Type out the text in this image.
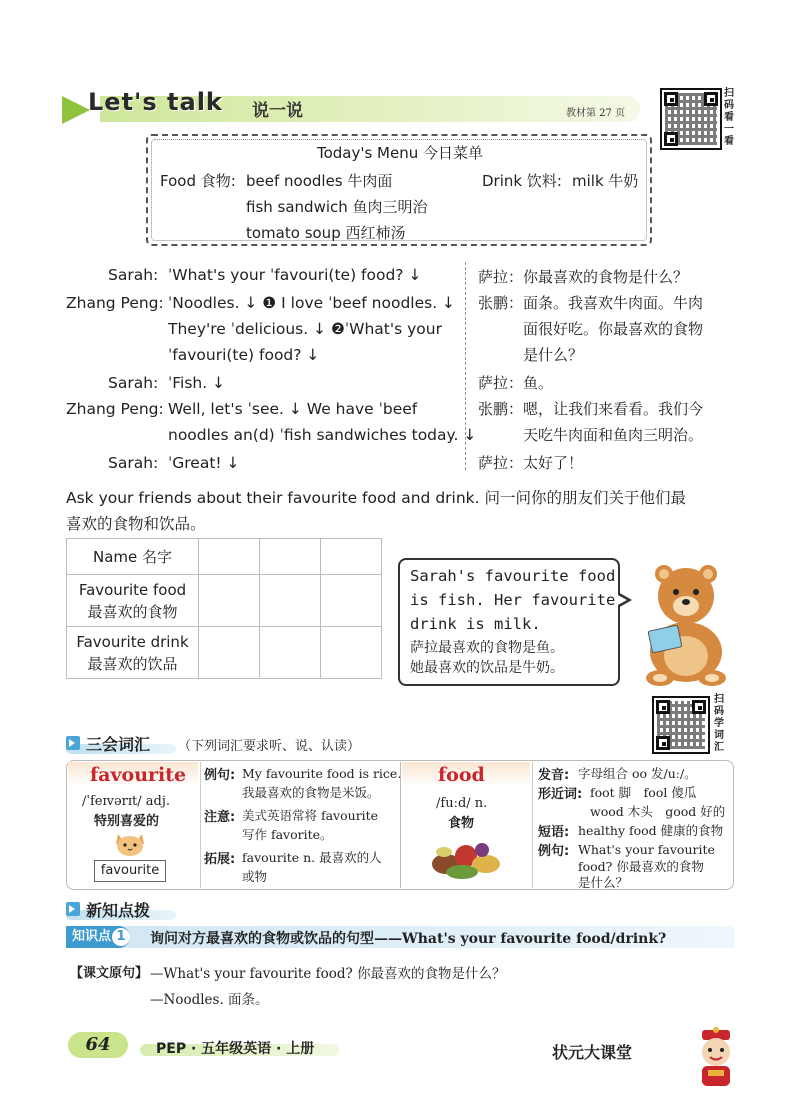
Let's talk 说一说	教材第 27 页
扫码看一看
Today's Menu 今日菜单
Food 食物: beef noodles 牛肉面
fish sandwich 鱼肉三明治
tomato soup 西红柿汤
Drink 饮料: milk 牛奶
Sarah: ˈWhat's your ˈfavouri(te) food? ↓
Zhang Peng: ˈNoodles. ↓ ❶ I love ˈbeef noodles. ↓
They're ˈdelicious. ↓ ❷ˈWhat's your
ˈfavouri(te) food? ↓
Sarah: ˈFish. ↓
Zhang Peng: Well, let's ˈsee. ↓ We have ˈbeef
noodles an(d) ˈfish sandwiches today. ↓
Sarah: ˈGreat! ↓
萨拉：你最喜欢的食物是什么？
张鹏：面条。我喜欢牛肉面。牛肉
　　　面很好吃。你最喜欢的食物
　　　是什么？
萨拉：鱼。
张鹏：嗯，让我们来看看。我们今
　　　天吃牛肉面和鱼肉三明治。
萨拉：太好了！
Ask your friends about their favourite food and drink. 问一问你的朋友们关于他们最
喜欢的食物和饮品。
Name 名字			

Favourite food
最喜欢的食物			

Favourite drink
最喜欢的饮品			

Sarah's favourite food
is fish. Her favourite
drink is milk.
萨拉最喜欢的食物是鱼。
她最喜欢的饮品是牛奶。
扫码学词汇
三会词汇 （下列词汇要求听、说、认读）
favourite
/ˈfeɪvərɪt/ adj.
特别喜爱的
favourite
例句: My favourite food is rice.
我最喜欢的食物是米饭。
注意: 美式英语常将 favourite
写作 favorite。
拓展: favourite n. 最喜欢的人
或物
food
/fuːd/ n.
食物
发音: 字母组合 oo 发/uː/。
形近词: foot 脚　fool 傻瓜
wood 木头　good 好的
短语: healthy food 健康的食物
例句: What's your favourite
food? 你最喜欢的食物
是什么？
新知点拨
知识点 1	询问对方最喜欢的食物或饮品的句型——What's your favourite food/drink?
【课文原句】 —What's your favourite food? 你最喜欢的食物是什么？
—Noodles. 面条。
64	PEP · 五年级英语 · 上册	状元大课堂
